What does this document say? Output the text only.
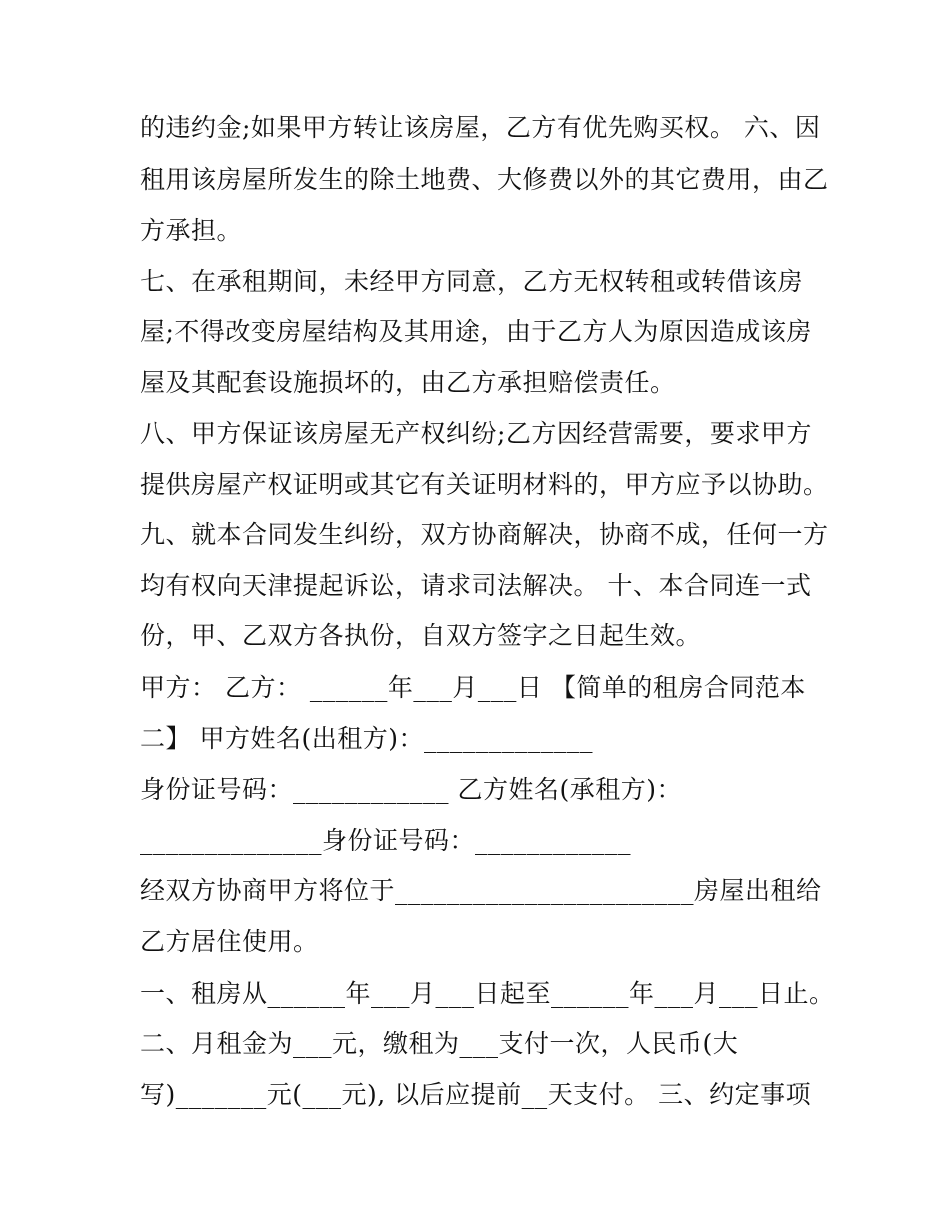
的违约金;如果甲方转让该房屋，乙方有优先购买权。 六、因

租用该房屋所发生的除土地费、大修费以外的其它费用，由乙

方承担。

七、在承租期间，未经甲方同意，乙方无权转租或转借该房

屋;不得改变房屋结构及其用途，由于乙方人为原因造成该房

屋及其配套设施损坏的，由乙方承担赔偿责任。

八、甲方保证该房屋无产权纠纷;乙方因经营需要，要求甲方

提供房屋产权证明或其它有关证明材料的，甲方应予以协助。

九、就本合同发生纠纷，双方协商解决，协商不成，任何一方

均有权向天津提起诉讼，请求司法解决。 十、本合同连一式

份，甲、乙双方各执份，自双方签字之日起生效。

甲方： 乙方： ______年___月___日 【简单的租房合同范本

二】 甲方姓名(出租方)：_____________

身份证号码：____________ 乙方姓名(承租方)：

______________身份证号码：____________

经双方协商甲方将位于_______________________房屋出租给

乙方居住使用。

一、租房从______年___月___日起至______年___月___日止。

二、月租金为___元，缴租为___支付一次，人民币(大

写)_______元(___元), 以后应提前__天支付。 三、约定事项
